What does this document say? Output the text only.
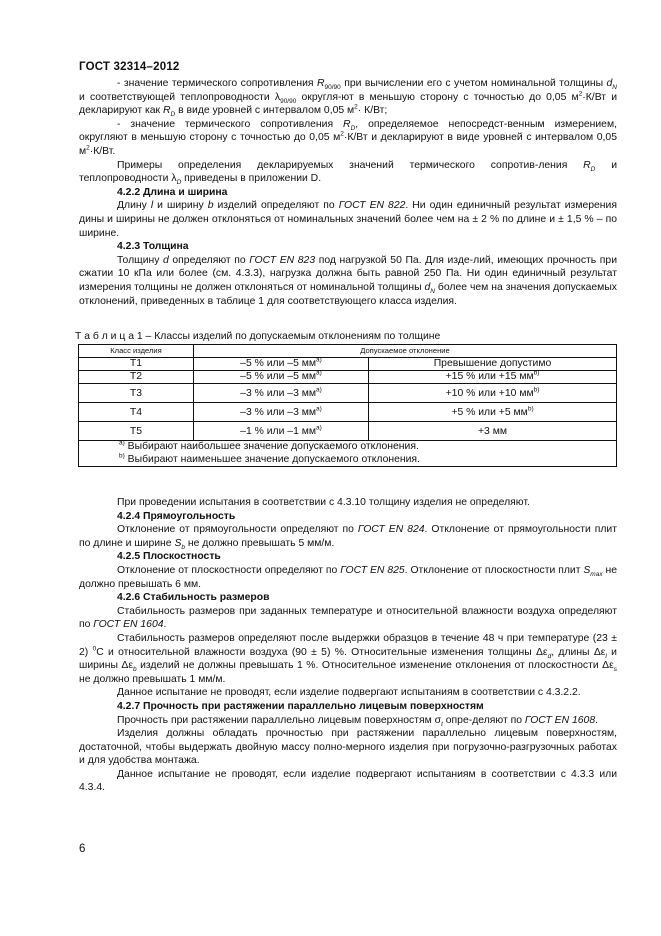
ГОСТ 32314–2012

- значение термического сопротивления $R_{90/90}$ при вычислении его с учетом номинальной толщины $d_N$ и соответствующей теплопроводности $\lambda_{90/90}$ округля-ют в меньшую сторону с точностью до 0,05 $м^2\cdot К/Вт$ и декларируют как $R_D$ в виде уровней с интервалом 0,05 $м^2\cdot К/Вт$;

- значение термического сопротивления $R_D$, определяемое непосредст-венным измерением, округляют в меньшую сторону с точностью до 0,05 $м^2\cdot К/Вт$ и декларируют в виде уровней с интервалом 0,05 $м^2\cdot К/Вт$.

Примеры определения декларируемых значений термического сопротив-ления $R_D$ и теплопроводности $\lambda_D$ приведены в приложении D.

4.2.2 Длина и ширина

Длину l и ширину b изделий определяют по ГОСТ EN 822. Ни один единичный результат измерения дины и ширины не должен отклоняться от номинальных значений более чем на ± 2 % по длине и ± 1,5 % – по ширине.

4.2.3 Толщина

Толщину d определяют по ГОСТ EN 823 под нагрузкой 50 Па. Для изде-лий, имеющих прочность при сжатии 10 кПа или более (см. 4.3.3), нагрузка должна быть равной 250 Па. Ни один единичный результат измерения толщины не должен отклоняться от номинальной толщины $d_N$ более чем на значения допускаемых отклонений, приведенных в таблице 1 для соответствующего класса изделия.

Т а б л и ц а 1 – Классы изделий по допускаемым отклонениям по толщине
Класс изделия	Допускаемое отклонение	
T1	–5 % или –5 $мм^{a)}$	Превышение допустимо
T2	–5 % или –5 $мм^{a)}$	+15 % или +15 $мм^{b)}$
T3	–3 % или –3 $мм^{a)}$	+10 % или +10 $мм^{b)}$
T4	–3 % или –3 $мм^{a)}$	+5 % или +5 $мм^{b)}$
T5	–1 % или –1 $мм^{a)}$	+3 мм

$^{a)}$ Выбирают наибольшее значение допускаемого отклонения.
$^{b)}$ Выбирают наименьшее значение допускаемого отклонения.		

При проведении испытания в соответствии с 4.3.10 толщину изделия не определяют.

4.2.4 Прямоугольность

Отклонение от прямоугольности определяют по ГОСТ EN 824. Отклонение от прямоугольности плит по длине и ширине $S_b$ не должно превышать 5 мм/м.

4.2.5 Плоскостность

Отклонение от плоскостности определяют по ГОСТ EN 825. Отклонение от плоскостности плит $S_{max}$ не должно превышать 6 мм.

4.2.6 Стабильность размеров

Стабильность размеров при заданных температуре и относительной влажности воздуха определяют по ГОСТ EN 1604.

Стабильность размеров определяют после выдержки образцов в течение 48 ч при температуре (23 ± 2) $^0$С и относительной влажности воздуха (90 ± 5) %. Относительные изменения толщины $\Delta\varepsilon_d$, длины $\Delta\varepsilon_l$ и ширины $\Delta\varepsilon_b$ изделий не должны превышать 1 %. Относительное изменение отклонения от плоскостности $\Delta\varepsilon_s$ не должно превышать 1 мм/м.

Данное испытание не проводят, если изделие подвергают испытаниям в соответствии с 4.3.2.2.

4.2.7 Прочность при растяжении параллельно лицевым поверхностям

Прочность при растяжении параллельно лицевым поверхностям $\sigma_t$ опре-деляют по ГОСТ EN 1608.

Изделия должны обладать прочностью при растяжении параллельно лицевым поверхностям, достаточной, чтобы выдержать двойную массу полно-мерного изделия при погрузочно-разгрузочных работах и для удобства монтажа.

Данное испытание не проводят, если изделие подвергают испытаниям в соответствии с 4.3.3 или 4.3.4.

6
